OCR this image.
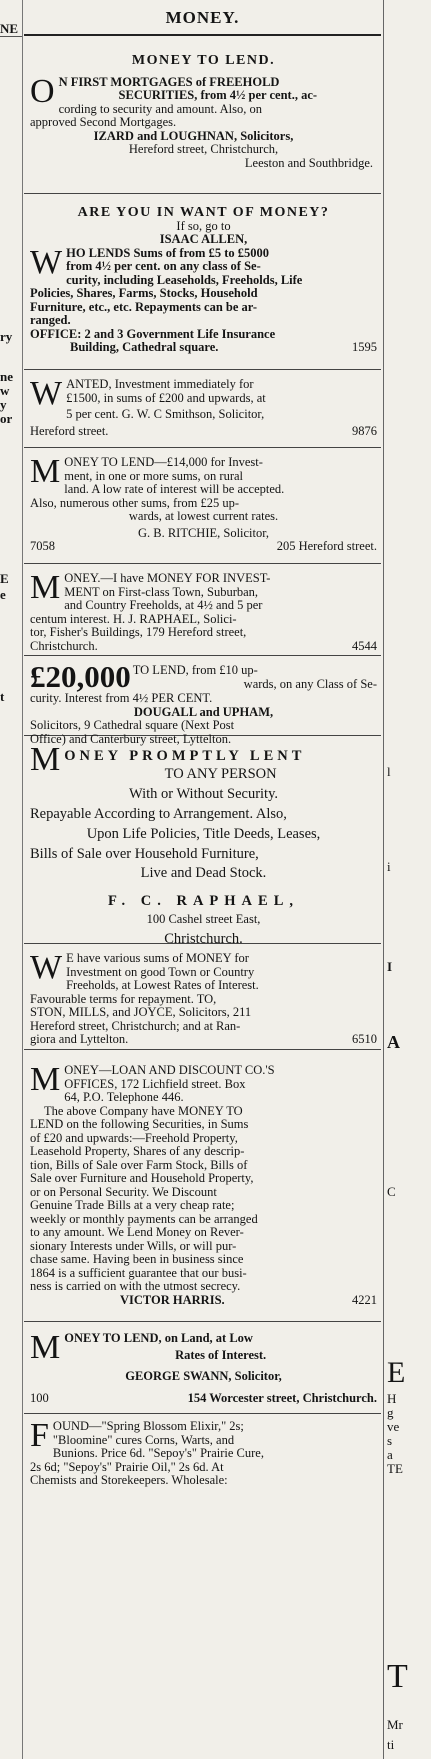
NE
ry
ne
w
y
or
E
e
t
l
i
I
A
C
E
H
g
ve
s
a
TE
T
Mr
ti
MONEY.

MONEY TO LEND.

O N FIRST MORTGAGES of FREEHOLD

SECURITIES, from 4½ per cent., ac-

cording to security and amount. Also, on

approved Second Mortgages.

IZARD and LOUGHNAN, Solicitors,

Hereford street, Christchurch,

Leeston and Southbridge.

ARE YOU IN WANT OF MONEY?

If so, go to

ISAAC ALLEN,

W HO LENDS Sums of from £5 to £5000

from 4½ per cent. on any class of Se-

curity, including Leaseholds, Freeholds, Life

Policies, Shares, Farms, Stocks, Household

Furniture, etc., etc. Repayments can be ar-

ranged.

OFFICE: 2 and 3 Government Life Insurance

Building, Cathedral square.	1595
W ANTED, Investment immediately for

£1500, in sums of £200 and upwards, at

5 per cent. G. W. C Smithson, Solicitor,

Hereford street.	9876
M ONEY TO LEND—£14,000 for Invest-

ment, in one or more sums, on rural

land. A low rate of interest will be accepted.

Also, numerous other sums, from £25 up-

wards, at lowest current rates.

G. B. RITCHIE, Solicitor,

7058	205 Hereford street.
M ONEY.—I have MONEY FOR INVEST-

MENT on First-class Town, Suburban,

and Country Freeholds, at 4½ and 5 per

centum interest. H. J. RAPHAEL, Solici-

tor, Fisher's Buildings, 179 Hereford street,

Christchurch.	4544
£20,000 TO LEND, from £10 up-

wards, on any Class of Se-

curity. Interest from 4½ PER CENT.

DOUGALL and UPHAM,

Solicitors, 9 Cathedral square (Next Post

Office) and Canterbury street, Lyttelton.

M ONEY PROMPTLY LENT

TO ANY PERSON

With or Without Security.

Repayable According to Arrangement. Also,

Upon Life Policies, Title Deeds, Leases,

Bills of Sale over Household Furniture,

Live and Dead Stock.

F. C. RAPHAEL,

100 Cashel street East,

Christchurch.

W E have various sums of MONEY for

Investment on good Town or Country

Freeholds, at Lowest Rates of Interest.

Favourable terms for repayment. TO,

STON, MILLS, and JOYCE, Solicitors, 211

Hereford street, Christchurch; and at Ran-

giora and Lyttelton.	6510
M ONEY—LOAN AND DISCOUNT CO.'S

OFFICES, 172 Lichfield street. Box

64, P.O. Telephone 446.

The above Company have MONEY TO

LEND on the following Securities, in Sums

of £20 and upwards:—Freehold Property,

Leasehold Property, Shares of any descrip-

tion, Bills of Sale over Farm Stock, Bills of

Sale over Furniture and Household Property,

or on Personal Security. We Discount

Genuine Trade Bills at a very cheap rate;

weekly or monthly payments can be arranged

to any amount. We Lend Money on Rever-

sionary Interests under Wills, or will pur-

chase same. Having been in business since

1864 is a sufficient guarantee that our busi-

ness is carried on with the utmost secrecy.

VICTOR HARRIS.	4221
M ONEY TO LEND, on Land, at Low

Rates of Interest.

GEORGE SWANN, Solicitor,

100	154 Worcester street, Christchurch.
F OUND—"Spring Blossom Elixir," 2s;

"Bloomine" cures Corns, Warts, and

Bunions. Price 6d. "Sepoy's" Prairie Cure,

2s 6d; "Sepoy's" Prairie Oil," 2s 6d. At

Chemists and Storekeepers. Wholesale:
